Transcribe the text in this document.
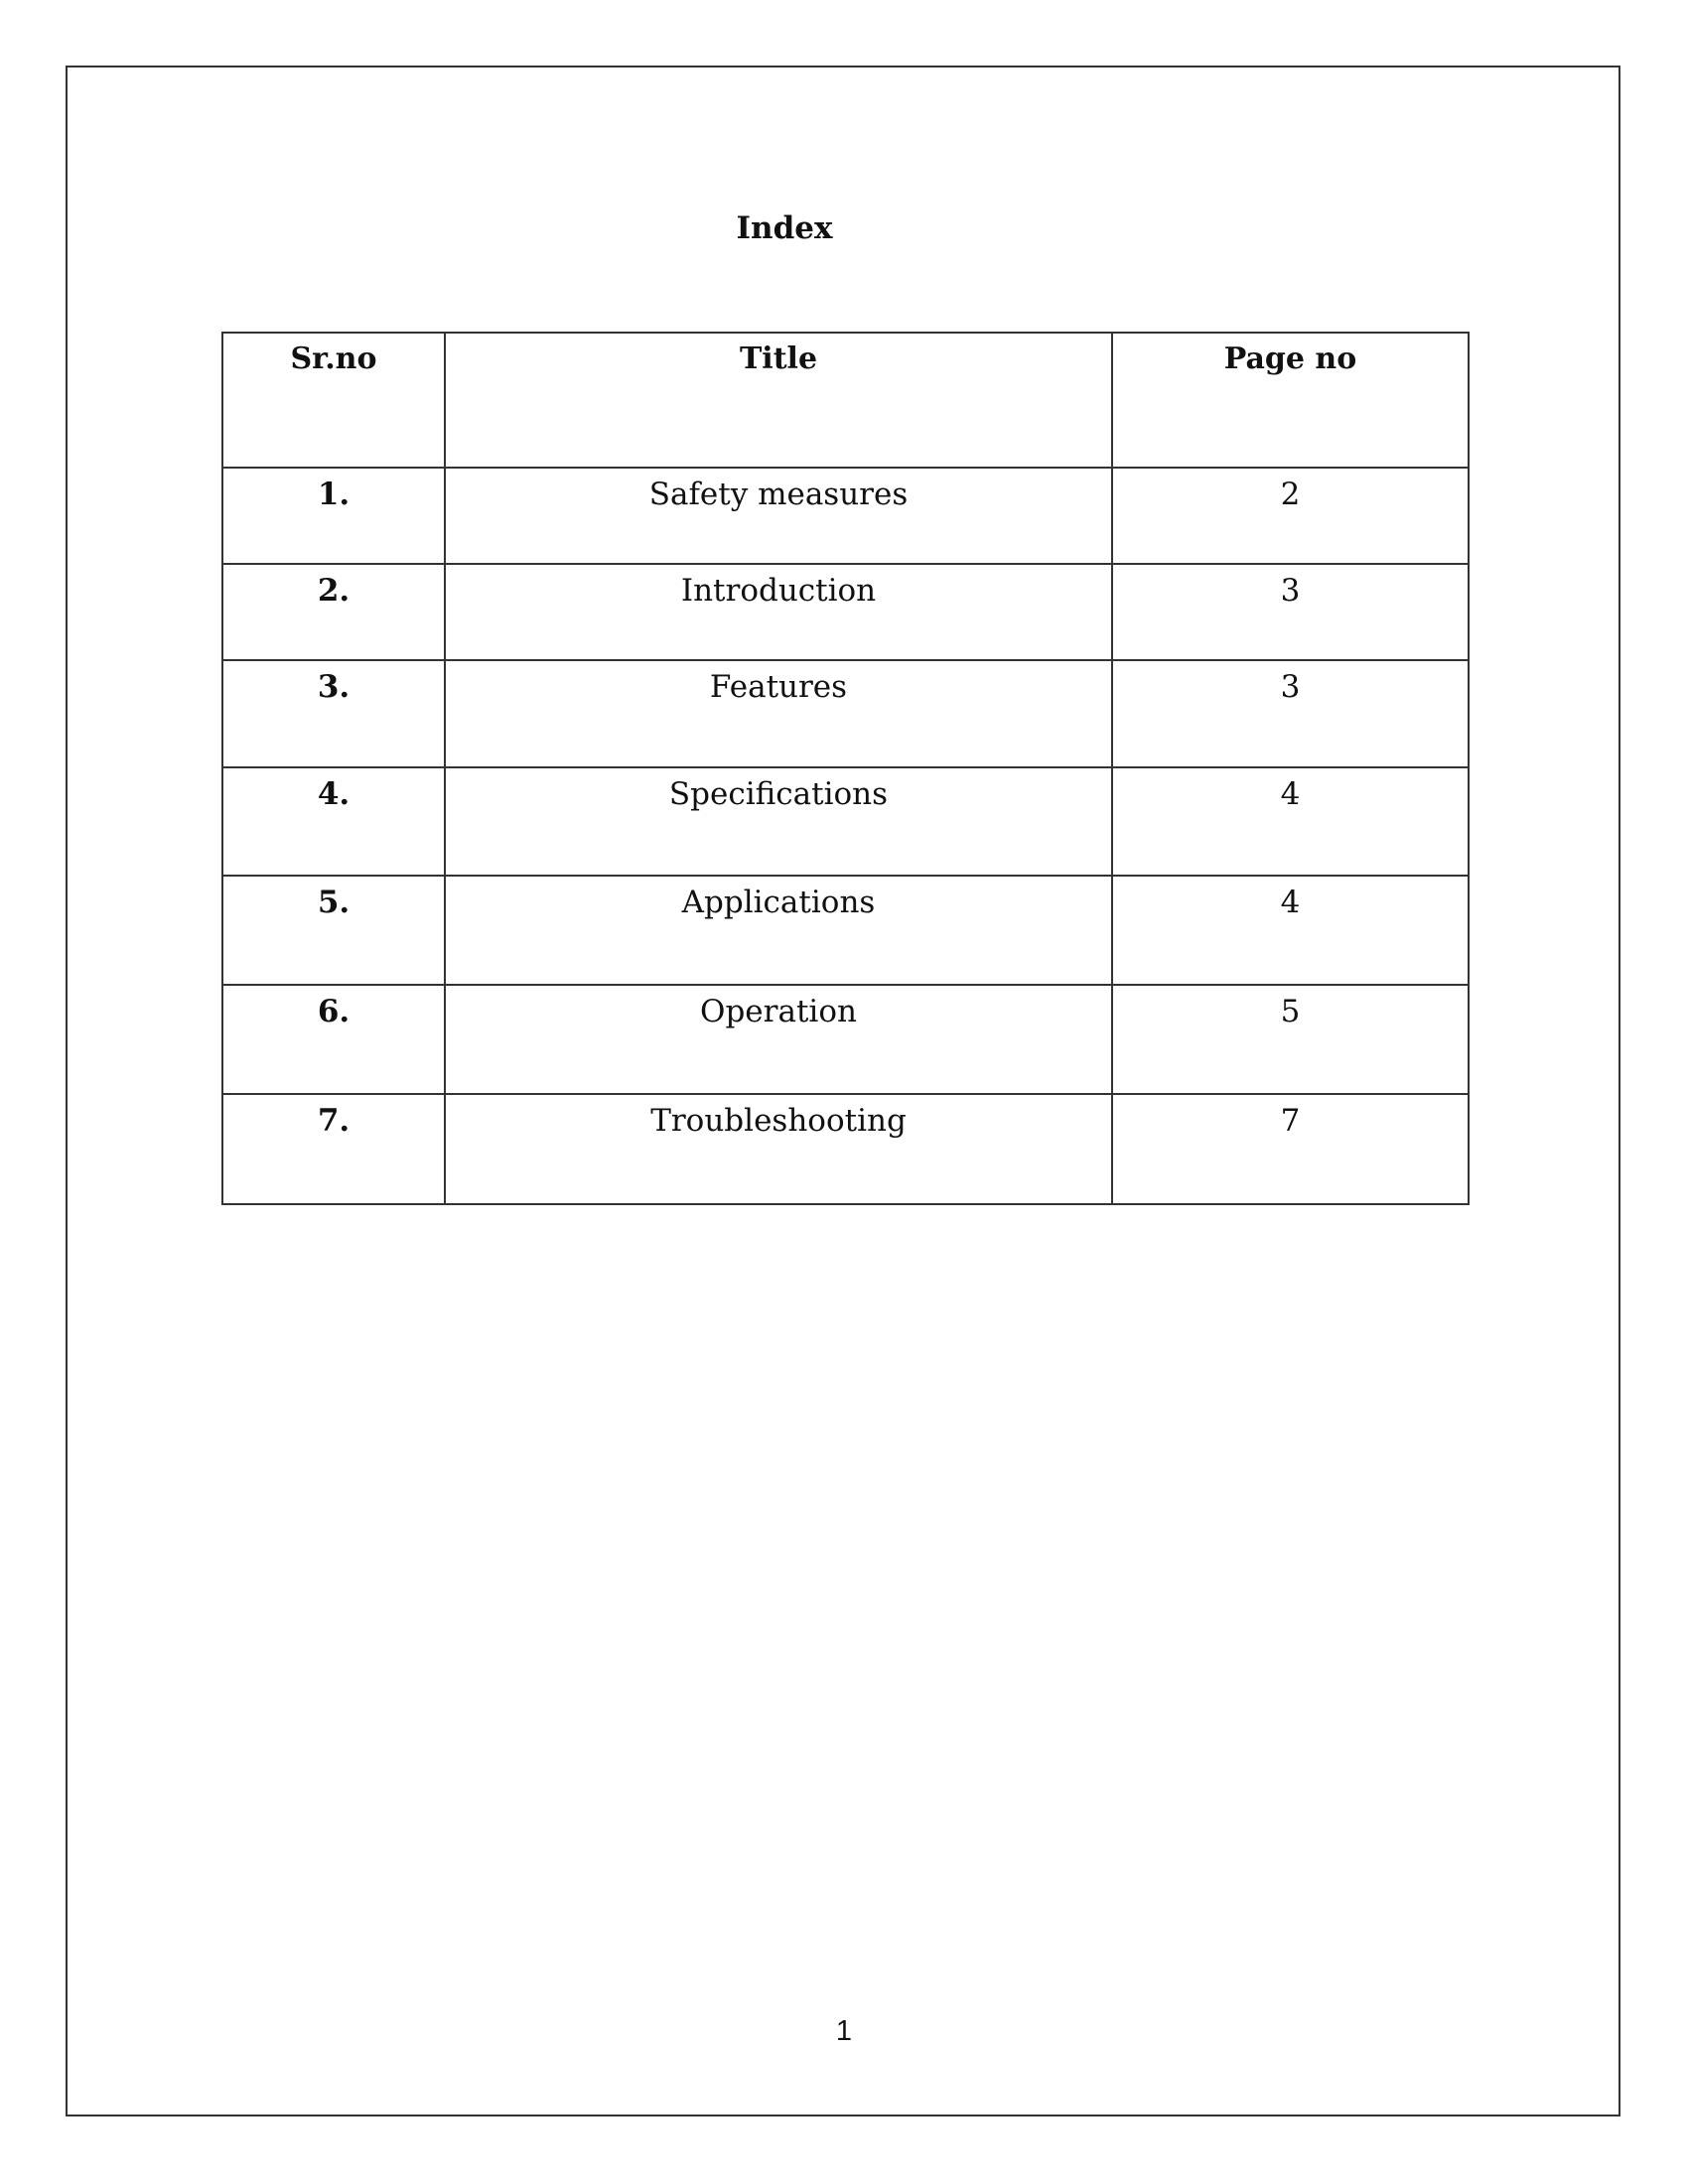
Index
Sr.no	Title	Page no
1.	Safety measures	2
2.	Introduction	3
3.	Features	3
4.	Specifications	4
5.	Applications	4
6.	Operation	5
7.	Troubleshooting	7
1
